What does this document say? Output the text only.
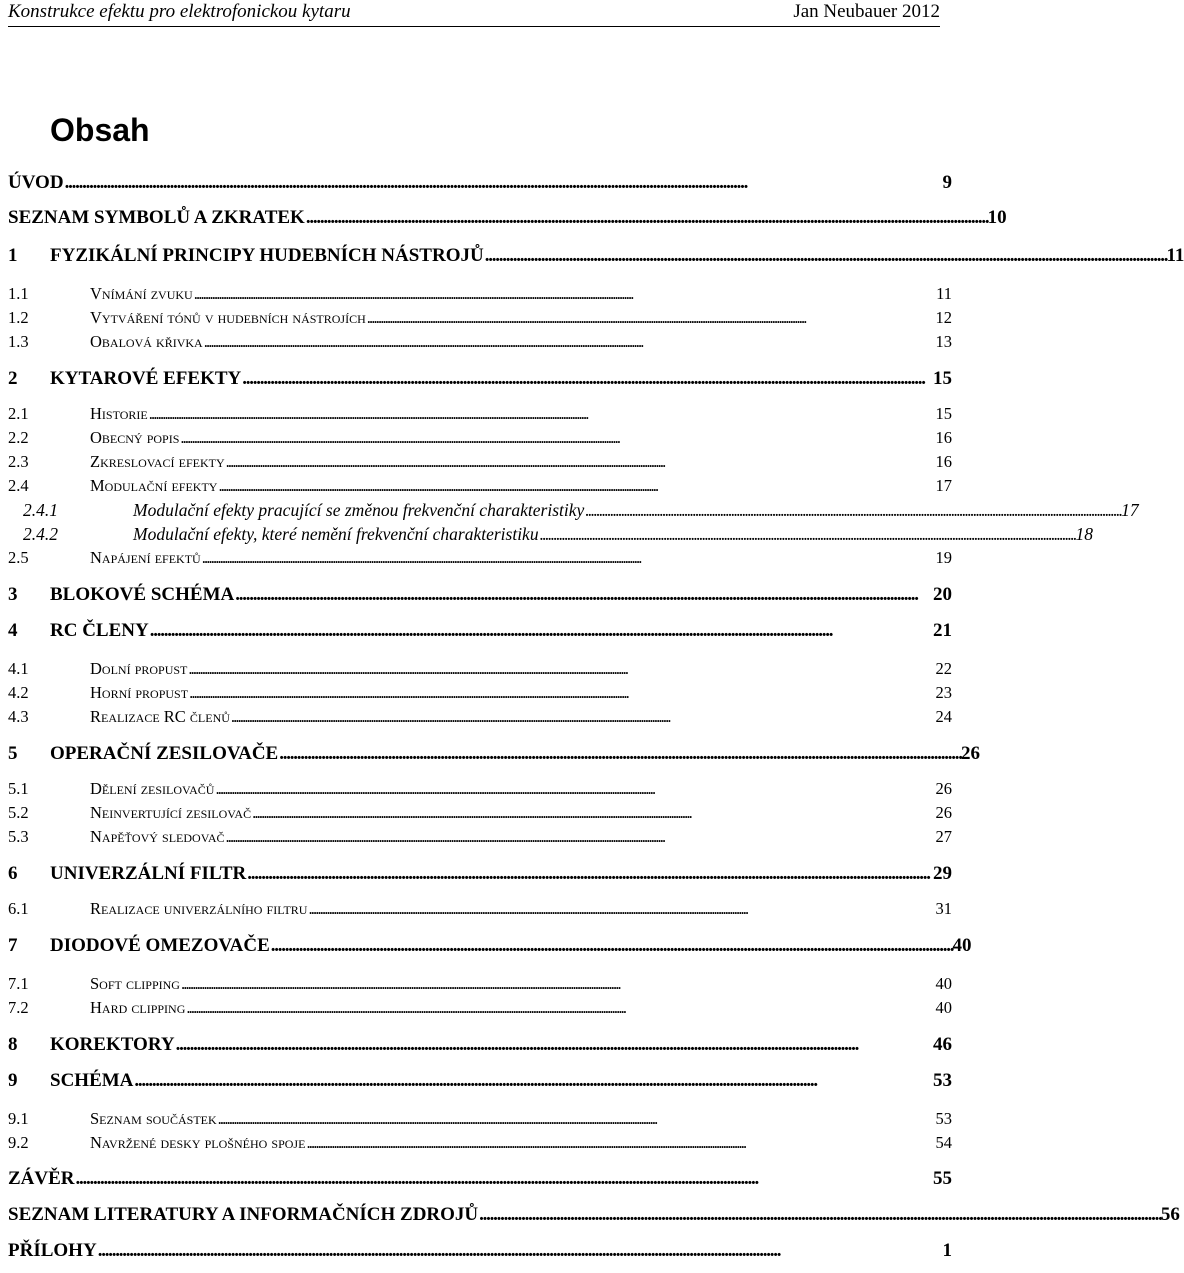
Konstrukce efektu pro elektrofonickou kytaru	Jan Neubauer 2012
Obsah
ÚVOD . . .	9
SEZNAM SYMBOLŮ A ZKRATEK . . .	10
1	FYZIKÁLNÍ PRINCIPY HUDEBNÍCH NÁSTROJŮ . . .	11
1.1	Vnímání zvuku . . .	11
1.2	Vytváření tónů v hudebních nástrojích . . .	12
1.3	Obalová křivka . . .	13
2	KYTAROVÉ EFEKTY . . .	15
2.1	Historie . . .	15
2.2	Obecný popis . . .	16
2.3	Zkreslovací efekty . . .	16
2.4	Modulační efekty . . .	17
2.4.1	Modulační efekty pracující se změnou frekvenční charakteristiky . . .	17
2.4.2	Modulační efekty, které nemění frekvenční charakteristiku . . .	18
2.5	Napájení efektů . . .	19
3	BLOKOVÉ SCHÉMA . . .	20
4	RC ČLENY . . .	21
4.1	Dolní propust . . .	22
4.2	Horní propust . . .	23
4.3	Realizace RC členů . . .	24
5	OPERAČNÍ ZESILOVAČE . . .	26
5.1	Dělení zesilovačů . . .	26
5.2	Neinvertující zesilovač . . .	26
5.3	Napěťový sledovač . . .	27
6	UNIVERZÁLNÍ FILTR . . .	29
6.1	Realizace univerzálního filtru . . .	31
7	DIODOVÉ OMEZOVAČE . . .	40
7.1	Soft clipping . . .	40
7.2	Hard clipping . . .	40
8	KOREKTORY . . .	46
9	SCHÉMA . . .	53
9.1	Seznam součástek . . .	53
9.2	Navržené desky plošného spoje . . .	54
ZÁVĚR . . .	55
SEZNAM LITERATURY A INFORMAČNÍCH ZDROJŮ . . .	56
PŘÍLOHY . . .	1
